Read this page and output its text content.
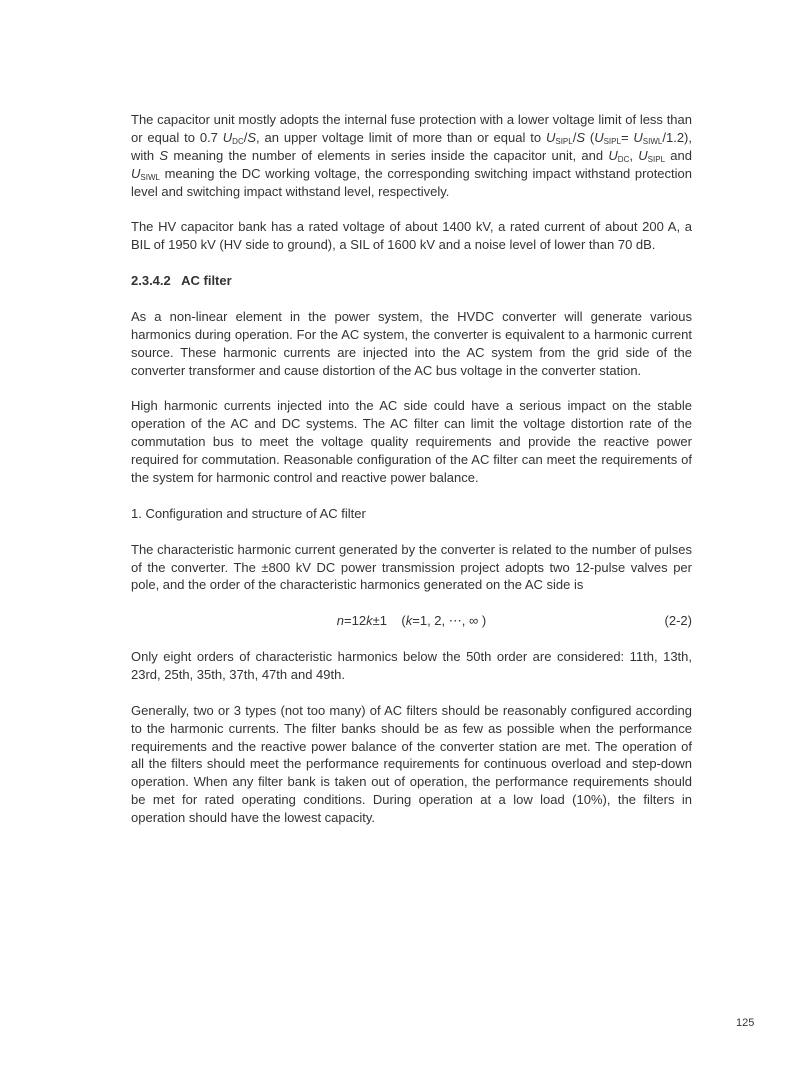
The capacitor unit mostly adopts the internal fuse protection with a lower voltage limit of less than or equal to 0.7 $U_{DC}/S$, an upper voltage limit of more than or equal to $U_{SIPL}/S$ $(U_{SIPL}= U_{SIWL}/1.2)$, with S meaning the number of elements in series inside the capacitor unit, and $U_{DC}$, $U_{SIPL}$ and $U_{SIWL}$ meaning the DC working voltage, the corresponding switching impact withstand protection level and switching impact withstand level, respectively.

The HV capacitor bank has a rated voltage of about 1400 kV, a rated current of about 200 A, a BIL of 1950 kV (HV side to ground), a SIL of 1600 kV and a noise level of lower than 70 dB.

2.3.4.2   AC filter

As a non-linear element in the power system, the HVDC converter will generate various harmonics during operation. For the AC system, the converter is equivalent to a harmonic current source. These harmonic currents are injected into the AC system from the grid side of the converter transformer and cause distortion of the AC bus voltage in the converter station.

High harmonic currents injected into the AC side could have a serious impact on the stable operation of the AC and DC systems. The AC filter can limit the voltage distortion rate of the commutation bus to meet the voltage quality requirements and provide the reactive power required for commutation. Reasonable configuration of the AC filter can meet the requirements of the system for harmonic control and reactive power balance.

1. Configuration and structure of AC filter

The characteristic harmonic current generated by the converter is related to the number of pulses of the converter. The ±800 kV DC power transmission project adopts two 12-pulse valves per pole, and the order of the characteristic harmonics generated on the AC side is

n=12k±1    (k=1, 2, ⋯, ∞ )	(2-2)

Only eight orders of characteristic harmonics below the 50th order are considered: 11th, 13th, 23rd, 25th, 35th, 37th, 47th and 49th.

Generally, two or 3 types (not too many) of AC filters should be reasonably configured according to the harmonic currents. The filter banks should be as few as possible when the performance requirements and the reactive power balance of the converter station are met. The operation of all the filters should meet the performance requirements for continuous overload and step-down operation. When any filter bank is taken out of operation, the performance requirements should be met for rated operating conditions. During operation at a low load (10%), the filters in operation should have the lowest capacity.

125
